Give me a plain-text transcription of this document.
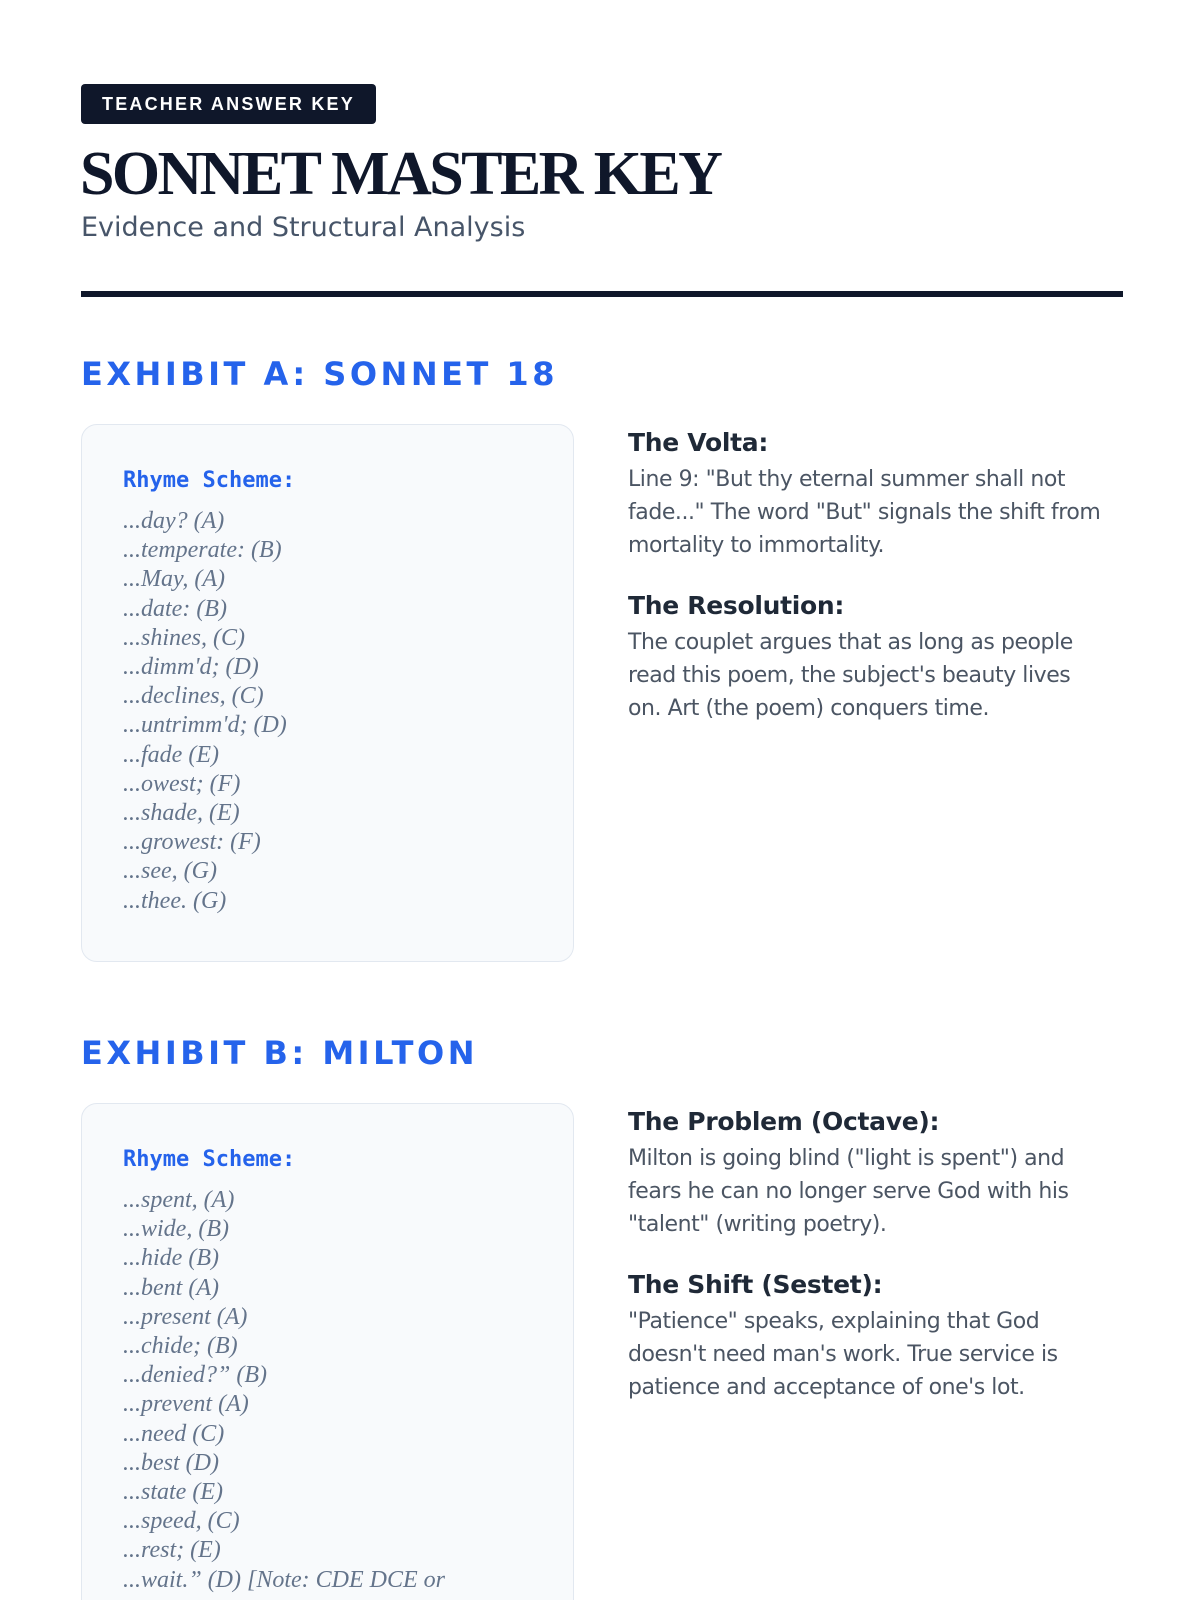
TEACHER ANSWER KEY
SONNET MASTER KEY
Evidence and Structural Analysis
EXHIBIT A: SONNET 18
Rhyme Scheme:
...day? (A)
...temperate: (B)
...May, (A)
...date: (B)
...shines, (C)
...dimm'd; (D)
...declines, (C)
...untrimm'd; (D)
...fade (E)
...owest; (F)
...shade, (E)
...growest: (F)
...see, (G)
...thee. (G)
The Volta:

Line 9: "But thy eternal summer shall not
fade..." The word "But" signals the shift from
mortality to immortality.

The Resolution:

The couplet argues that as long as people
read this poem, the subject's beauty lives
on. Art (the poem) conquers time.

EXHIBIT B: MILTON
Rhyme Scheme:
...spent, (A)
...wide, (B)
...hide (B)
...bent (A)
...present (A)
...chide; (B)
...denied?” (B)
...prevent (A)
...need (C)
...best (D)
...state (E)
...speed, (C)
...rest; (E)
...wait.” (D) [Note: CDE DCE or
The Problem (Octave):

Milton is going blind ("light is spent") and
fears he can no longer serve God with his
"talent" (writing poetry).

The Shift (Sestet):

"Patience" speaks, explaining that God
doesn't need man's work. True service is
patience and acceptance of one's lot.
